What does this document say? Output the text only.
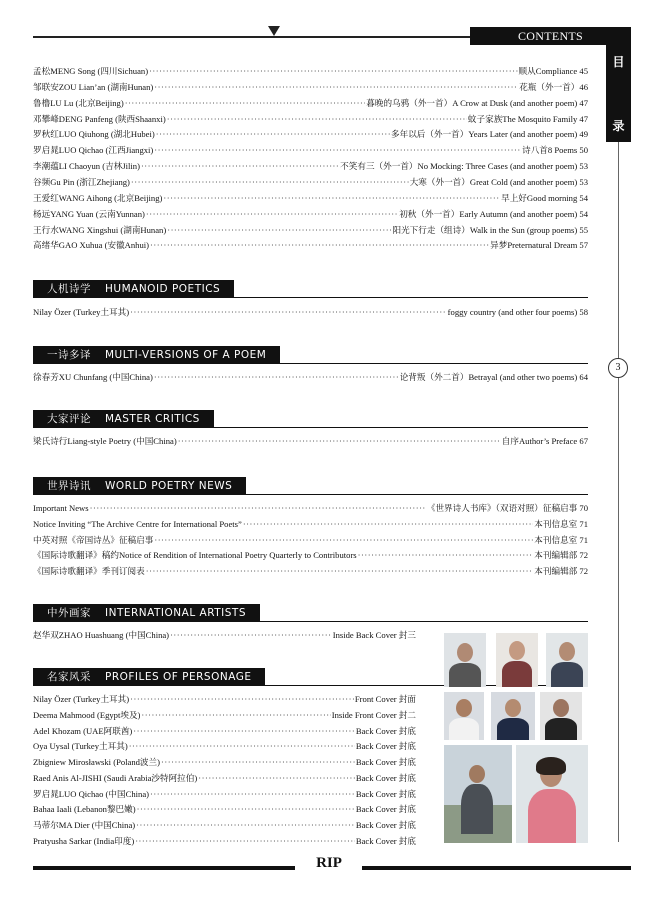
CONTENTS
目
录
3
孟松MENG Song (四川Sichuan) ·····	顺从Compliance 45
邹联安ZOU Lian’an (湖南Hunan) ·····	花瓶（外一首）46
鲁橹LU Lu (北京Beijing) ·····	暮晚的乌鸦（外一首）A Crow at Dusk (and another poem) 47
邓攀峰DENG Panfeng (陕西Shaanxi) ·····	蚊子家族The Mosquito Family 47
罗秋红LUO Qiuhong (湖北Hubei) ·····	多年以后（外一首）Years Later (and another poem) 49
罗启晁LUO Qichao (江西Jiangxi) ·····	诗八首8 Poems 50
李潮蕴LI Chaoyun (吉林Jilin) ·····	不笑有三（外一首）No Mocking: Three Cases (and another poem) 53
谷频Gu Pin (浙江Zhejiang) ·····	大寒（外一首）Great Cold (and another poem) 53
王爱红WANG Aihong (北京Beijing) ·····	早上好Good morning 54
杨远YANG Yuan (云南Yunnan) ·····	初秋（外一首）Early Autumn (and another poem) 54
王行水WANG Xingshui (湖南Hunan) ·····	阳光下行走（组诗）Walk in the Sun (group poems) 55
高绪华GAO Xuhua (安徽Anhui) ·····	异梦Preternatural Dream 57
人机诗学 HUMANOID POETICS
Nilay Özer (Turkey土耳其) ·····	foggy country (and other four poems) 58
一诗多译 MULTI-VERSIONS OF A POEM
徐春芳XU Chunfang (中国China) ·····	论背叛（外二首）Betrayal (and other two poems) 64
大家评论 MASTER CRITICS
梁氏诗行Liang-style Poetry (中国China) ·····	自序Author’s Preface 67
世界诗讯 WORLD POETRY NEWS
Important News ·····	《世界诗人书库》（双语对照）征稿启事 70
Notice Inviting “The Archive Centre for International Poets” ·····	本刊信息室 71
中英对照《帝国诗丛》征稿启事 ·····	本刊信息室 71
《国际诗歌翻译》稿约Notice of Rendition of International Poetry Quarterly to Contributors ·····	本刊编辑部 72
《国际诗歌翻译》季刊订阅表 ·····	本刊编辑部 72
中外画家 INTERNATIONAL ARTISTS
赵华双ZHAO Huashuang (中国China) ·····	Inside Back Cover 封三
名家风采 PROFILES OF PERSONAGE
Nilay Özer (Turkey土耳其) ·····	Front Cover 封面
Deema Mahmood (Egypt埃及) ·····	Inside Front Cover 封二
Adel Khozam (UAE阿联酋) ·····	Back Cover 封底
Oya Uysal (Turkey土耳其) ·····	Back Cover 封底
Zbigniew Mirosławski (Poland波兰) ·····	Back Cover 封底
Raed Anis Al-JISHI (Saudi Arabia沙特阿拉伯) ·····	Back Cover 封底
罗启晁LUO Qichao (中国China) ·····	Back Cover 封底
Bahaa Iaali (Lebanon黎巴嫩) ·····	Back Cover 封底
马蒂尔MA Dier (中国China) ·····	Back Cover 封底
Pratyusha Sarkar (India印度) ·····	Back Cover 封底
RIP
